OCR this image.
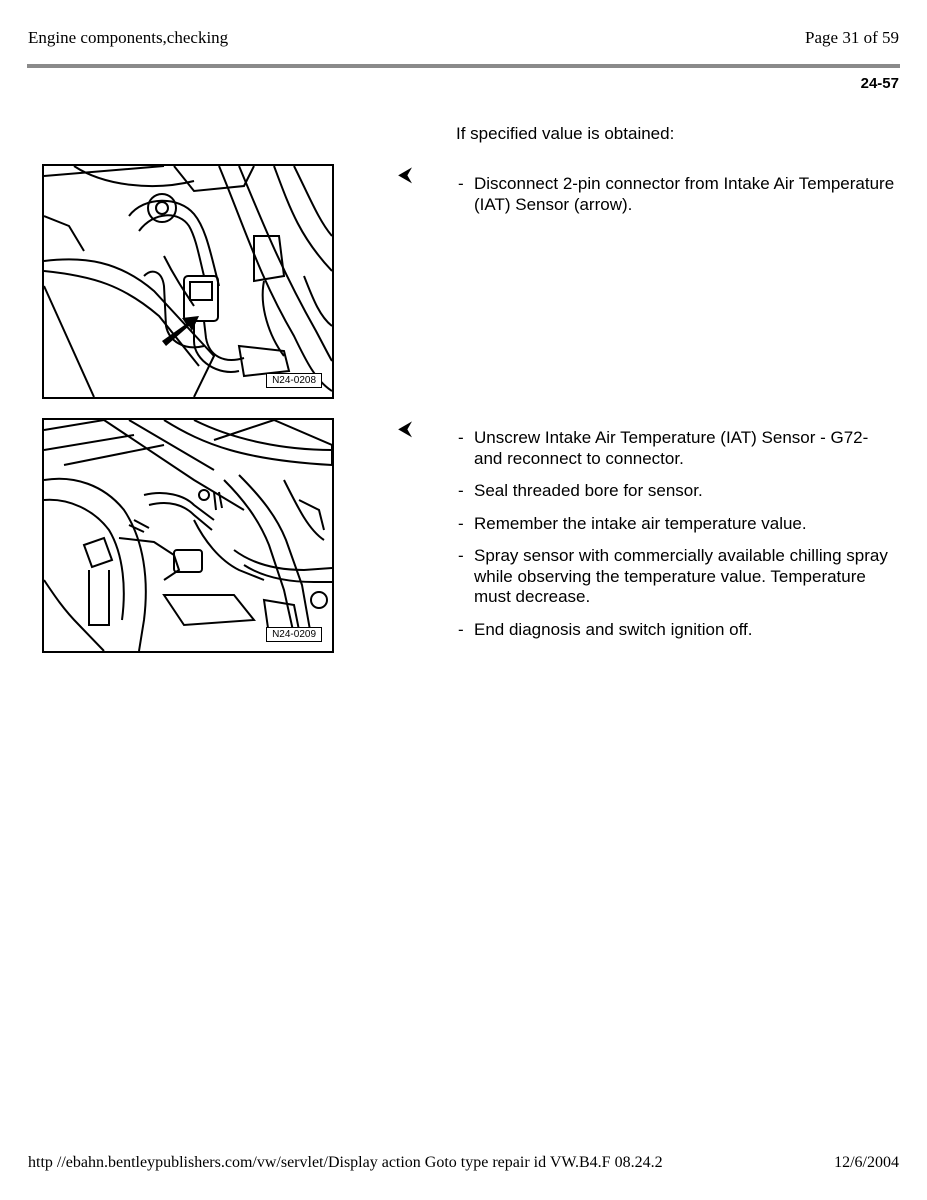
Engine components,checking	Page 31 of 59
24-57
If specified value is obtained:
N24-0208
⮜	- Disconnect 2-pin connector from Intake Air Temperature (IAT) Sensor (arrow).
N24-0209
⮜	- Unscrew Intake Air Temperature (IAT) Sensor - G72- and reconnect to connector.
- Seal threaded bore for sensor.
- Remember the intake air temperature value.
- Spray sensor with commercially available chilling spray while observing the temperature value. Temperature must decrease.
- End diagnosis and switch ignition off.
http //ebahn.bentleypublishers.com/vw/servlet/Display action Goto type repair id VW.B4.F 08.24.2	12/6/2004
